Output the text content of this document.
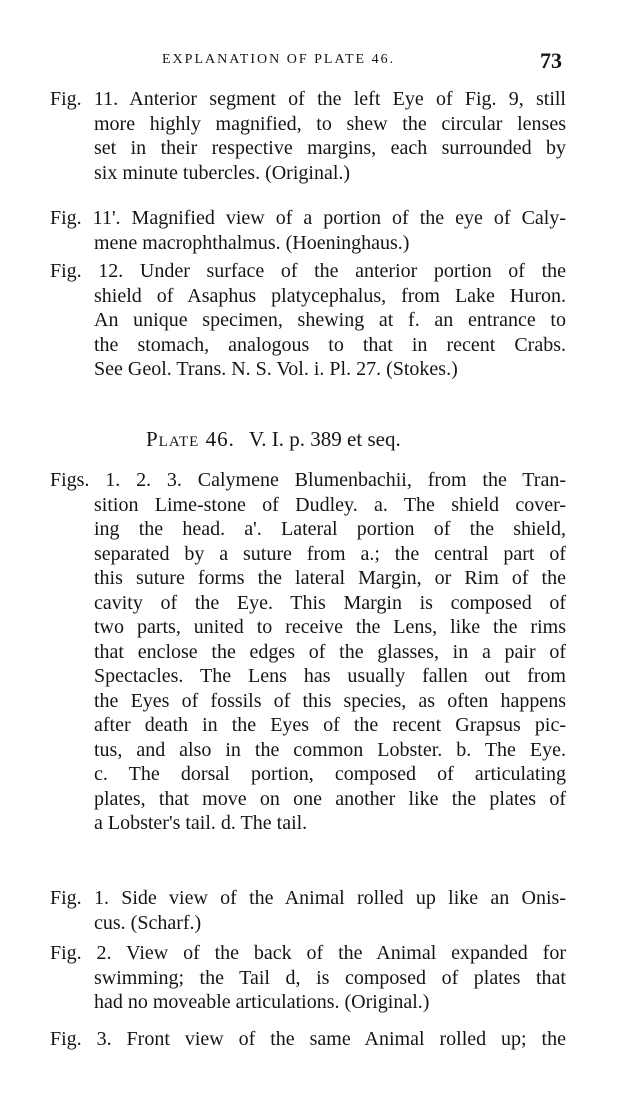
EXPLANATION OF PLATE 46.	73
Fig. 11. Anterior segment of the left Eye of Fig. 9, still
more highly magnified, to shew the circular lenses
set in their respective margins, each surrounded by
six minute tubercles. (Original.)
Fig. 11'. Magnified view of a portion of the eye of Caly-
mene macrophthalmus. (Hoeninghaus.)
Fig. 12. Under surface of the anterior portion of the
shield of Asaphus platycephalus, from Lake Huron.
An unique specimen, shewing at f. an entrance to
the stomach, analogous to that in recent Crabs.
See Geol. Trans. N. S. Vol. i. Pl. 27. (Stokes.)
Plate 46. V. I. p. 389 et seq.
Figs. 1. 2. 3. Calymene Blumenbachii, from the Tran-
sition Lime-stone of Dudley. a. The shield cover-
ing the head. a'. Lateral portion of the shield,
separated by a suture from a.; the central part of
this suture forms the lateral Margin, or Rim of the
cavity of the Eye. This Margin is composed of
two parts, united to receive the Lens, like the rims
that enclose the edges of the glasses, in a pair of
Spectacles. The Lens has usually fallen out from
the Eyes of fossils of this species, as often happens
after death in the Eyes of the recent Grapsus pic-
tus, and also in the common Lobster. b. The Eye.
c. The dorsal portion, composed of articulating
plates, that move on one another like the plates of
a Lobster's tail. d. The tail.
Fig. 1. Side view of the Animal rolled up like an Onis-
cus. (Scharf.)
Fig. 2. View of the back of the Animal expanded for
swimming; the Tail d, is composed of plates that
had no moveable articulations. (Original.)
Fig. 3. Front view of the same Animal rolled up; the
